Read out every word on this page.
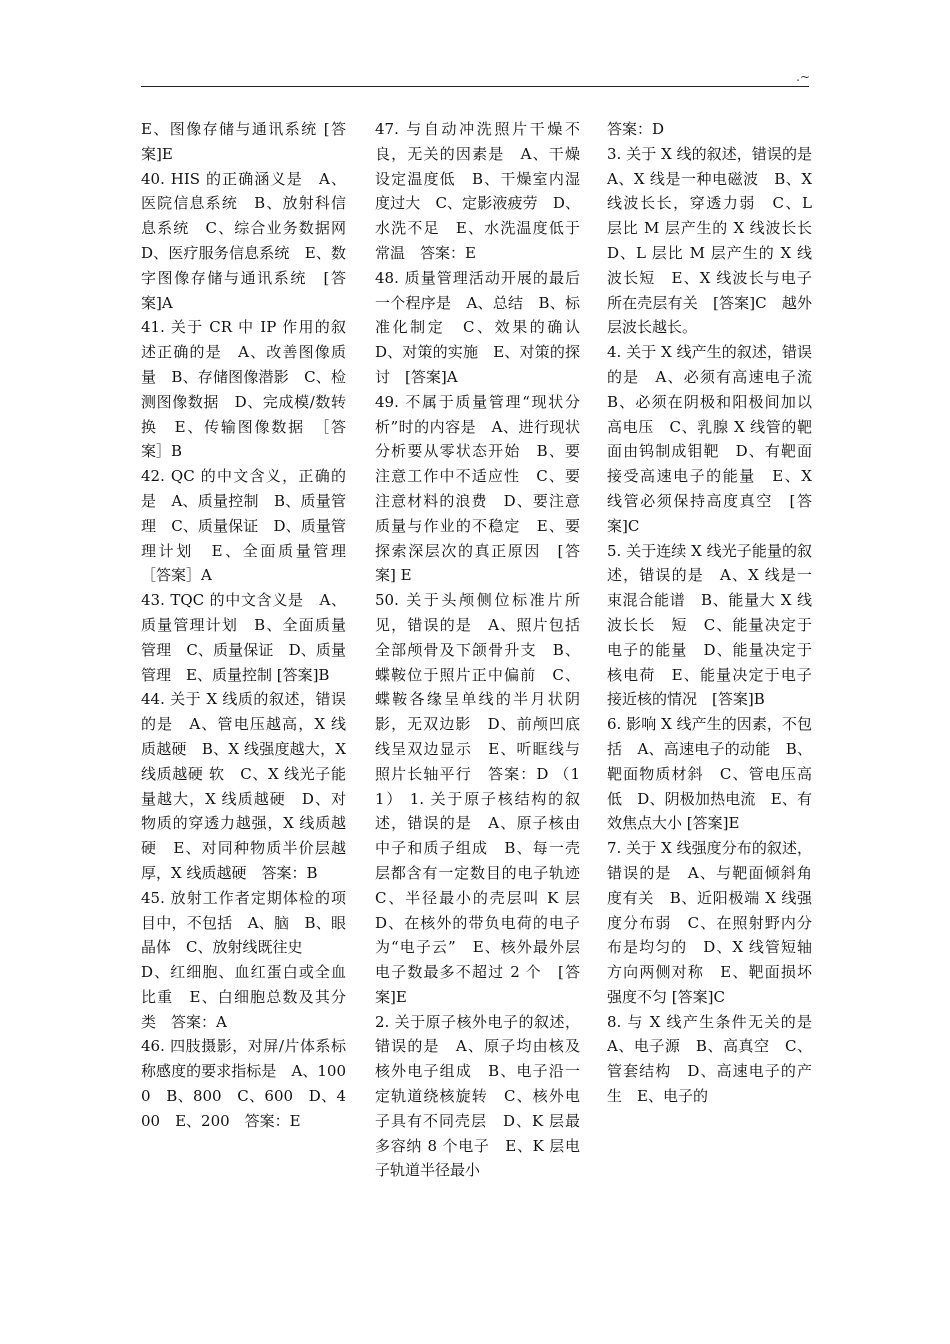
.~

E、图像存储与通讯系统 [答案]E

40. HIS 的正确涵义是　A、医院信息系统　B、放射科信息系统　C、综合业务数据网　D、医疗服务信息系统　E、数字图像存储与通讯系统　[答案]A

41. 关于 CR 中 IP 作用的叙述正确的是　A、改善图像质量　B、存储图像潜影　C、检测图像数据　D、完成模/数转换　E、传输图像数据　［答案］B

42. QC 的中文含义，正确的是　A、质量控制　B、质量管理　C、质量保证　D、质量管理计划　E、全面质量管理　［答案］A

43. TQC 的中文含义是　A、质量管理计划　B、全面质量管理　C、质量保证　D、质量管理　E、质量控制 [答案]B

44. 关于 X 线质的叙述，错误的是　A、管电压越高，X 线质越硬　B、X 线强度越大，X 线质越硬 软　C、X 线光子能量越大，X 线质越硬　D、对物质的穿透力越强，X 线质越硬　E、对同种物质半价层越厚，X 线质越硬　答案：B

45. 放射工作者定期体检的项目中，不包括　A、脑　B、眼晶体　C、放射线既往史

D、红细胞、血红蛋白或全血比重　E、白细胞总数及其分类　答案：A

46. 四肢摄影，对屏/片体系标称感度的要求指标是　A、1000　B、800　C、600　D、400　E、200　答案：E

47. 与自动冲洗照片干燥不良，无关的因素是　A、干燥设定温度低　B、干燥室内湿度过大　C、定影液疲劳　D、水洗不足　E、水洗温度低于常温　答案：E

48. 质量管理活动开展的最后一个程序是　A、总结　B、标准化制定　C、效果的确认　D、对策的实施　E、对策的探讨　[答案]A

49. 不属于质量管理“现状分析”时的内容是　A、进行现状分析要从零状态开始　B、要注意工作中不适应性　C、要注意材料的浪费　D、要注意质量与作业的不稳定　E、要探索深层次的真正原因　[答案] E

50. 关于头颅侧位标准片所见，错误的是　A、照片包括全部颅骨及下颌骨升支　B、蝶鞍位于照片正中偏前　C、蝶鞍各缘呈单线的半月状阴影，无双边影　D、前颅凹底线呈双边显示　E、听眶线与照片长轴平行　答案：D （11） 1. 关于原子核结构的叙述，错误的是　A、原子核由中子和质子组成　B、每一壳层都含有一定数目的电子轨迹　C、半径最小的壳层叫 K 层　D、在核外的带负电荷的电子为“电子云”　E、核外最外层电子数最多不超过 2 个　[答案]E

2. 关于原子核外电子的叙述，错误的是　A、原子均由核及核外电子组成　B、电子沿一定轨道绕核旋转　C、核外电子具有不同壳层　D、K 层最多容纳 8 个电子　E、K 层电子轨道半径最小

答案：D

3. 关于 X 线的叙述，错误的是　A、X 线是一种电磁波　B、X 线波长长，穿透力弱　C、L 层比 M 层产生的 X 线波长长　D、L 层比 M 层产生的 X 线波长短　E、X 线波长与电子所在壳层有关　[答案]C　越外层波长越长。

4. 关于 X 线产生的叙述，错误的是　A、必须有高速电子流　B、必须在阴极和阳极间加以高电压　C、乳腺 X 线管的靶面由钨制成钼靶　D、有靶面接受高速电子的能量　E、X 线管必须保持高度真空　[答案]C

5. 关于连续 X 线光子能量的叙述，错误的是　A、X 线是一束混合能谱　B、能量大 X 线波长长　短　C、能量决定于电子的能量　D、能量决定于核电荷　E、能量决定于电子接近核的情况　[答案]B

6. 影响 X 线产生的因素，不包括　A、高速电子的动能　B、靶面物质材斜　C、管电压高低　D、阴极加热电流　E、有效焦点大小 [答案]E

7. 关于 X 线强度分布的叙述，错误的是　A、与靶面倾斜角度有关　B、近阳极端 X 线强度分布弱　C、在照射野内分布是均匀的　D、X 线管短轴方向两侧对称　E、靶面损坏强度不匀 [答案]C

8. 与 X 线产生条件无关的是　A、电子源　B、高真空　C、管套结构　D、高速电子的产生　E、电子的
